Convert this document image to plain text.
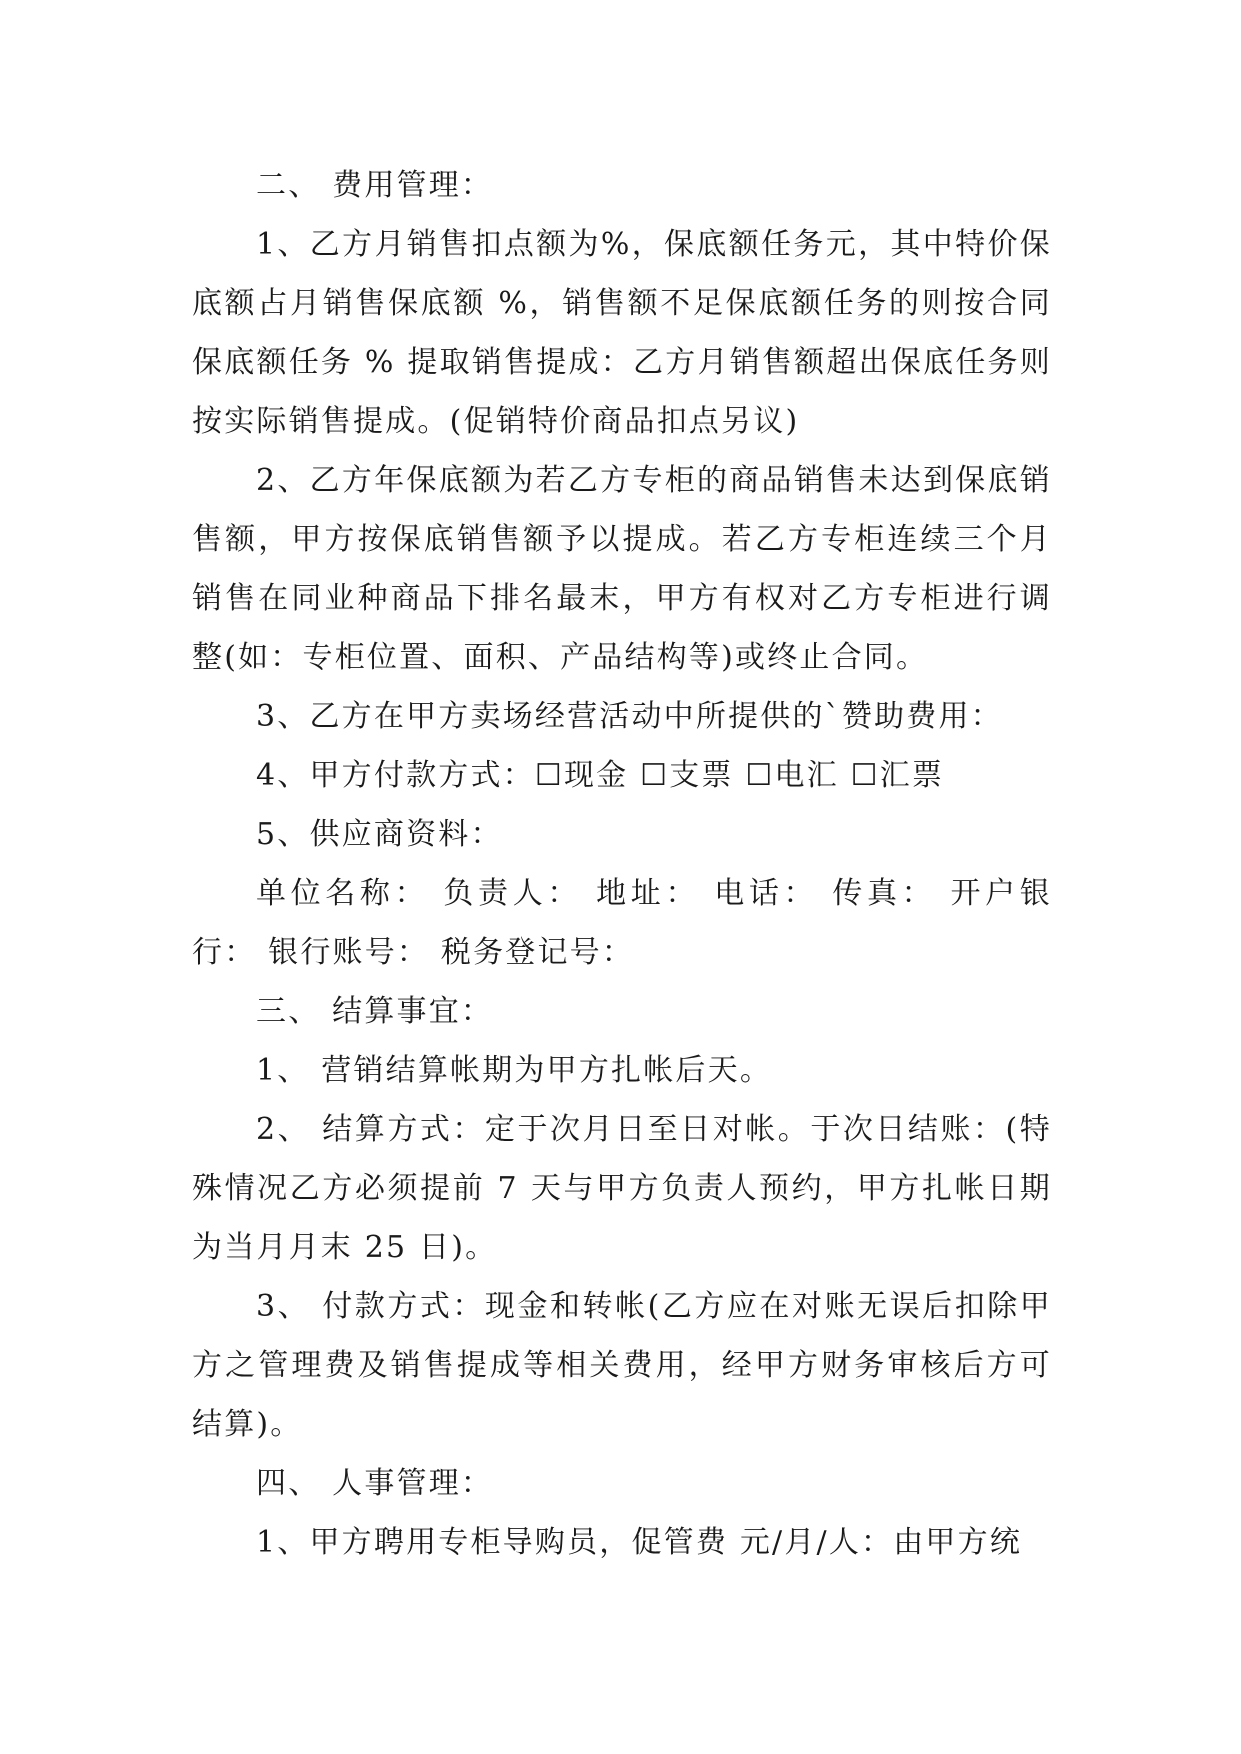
二、 费用管理：

1、乙方月销售扣点额为%，保底额任务元，其中特价保底额占月销售保底额 %，销售额不足保底额任务的则按合同保底额任务 % 提取销售提成：乙方月销售额超出保底任务则按实际销售提成。(促销特价商品扣点另议)

2、乙方年保底额为若乙方专柜的商品销售未达到保底销售额，甲方按保底销售额予以提成。若乙方专柜连续三个月销售在同业种商品下排名最末，甲方有权对乙方专柜进行调整(如：专柜位置、面积、产品结构等)或终止合同。

3、乙方在甲方卖场经营活动中所提供的`赞助费用：

4、甲方付款方式：☐现金 ☐支票 ☐电汇 ☐汇票

5、供应商资料：

单位名称： 负责人： 地址： 电话： 传真： 开户银行： 银行账号： 税务登记号：

三、 结算事宜：

1、 营销结算帐期为甲方扎帐后天。

2、 结算方式：定于次月日至日对帐。于次日结账：(特殊情况乙方必须提前 7 天与甲方负责人预约，甲方扎帐日期为当月月末 25 日)。

3、 付款方式：现金和转帐(乙方应在对账无误后扣除甲方之管理费及销售提成等相关费用，经甲方财务审核后方可结算)。

四、 人事管理：

1、甲方聘用专柜导购员，促管费 元/月/人：由甲方统
